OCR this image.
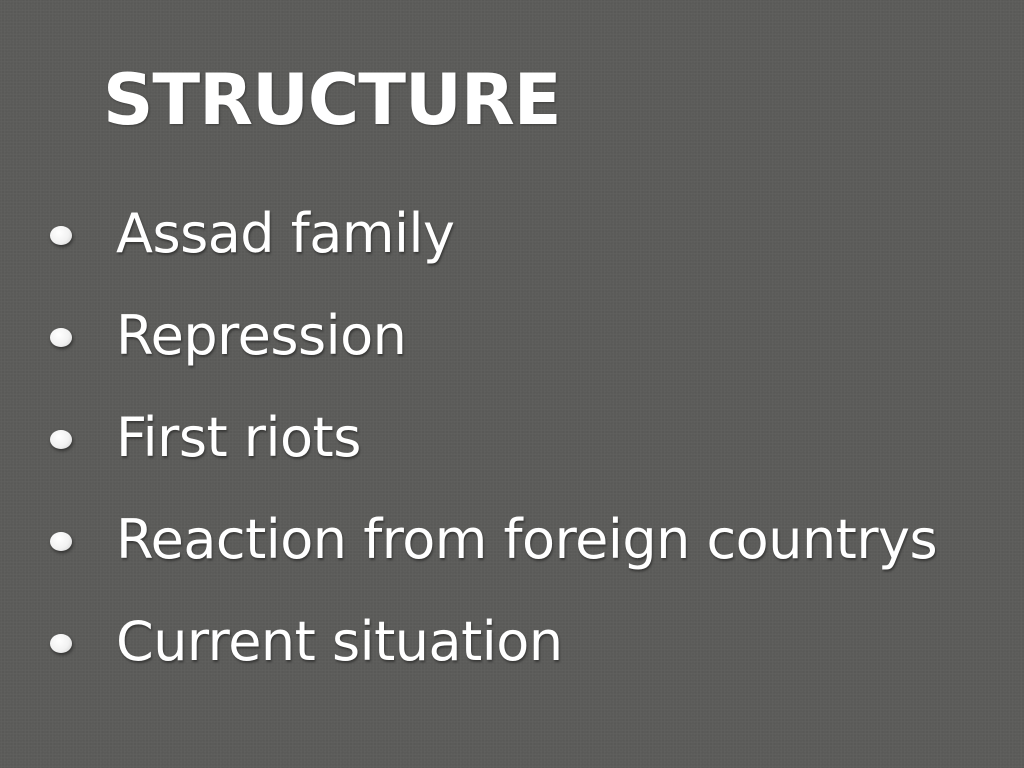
STRUCTURE
Assad family
Repression
First riots
Reaction from foreign countrys
Current situation
